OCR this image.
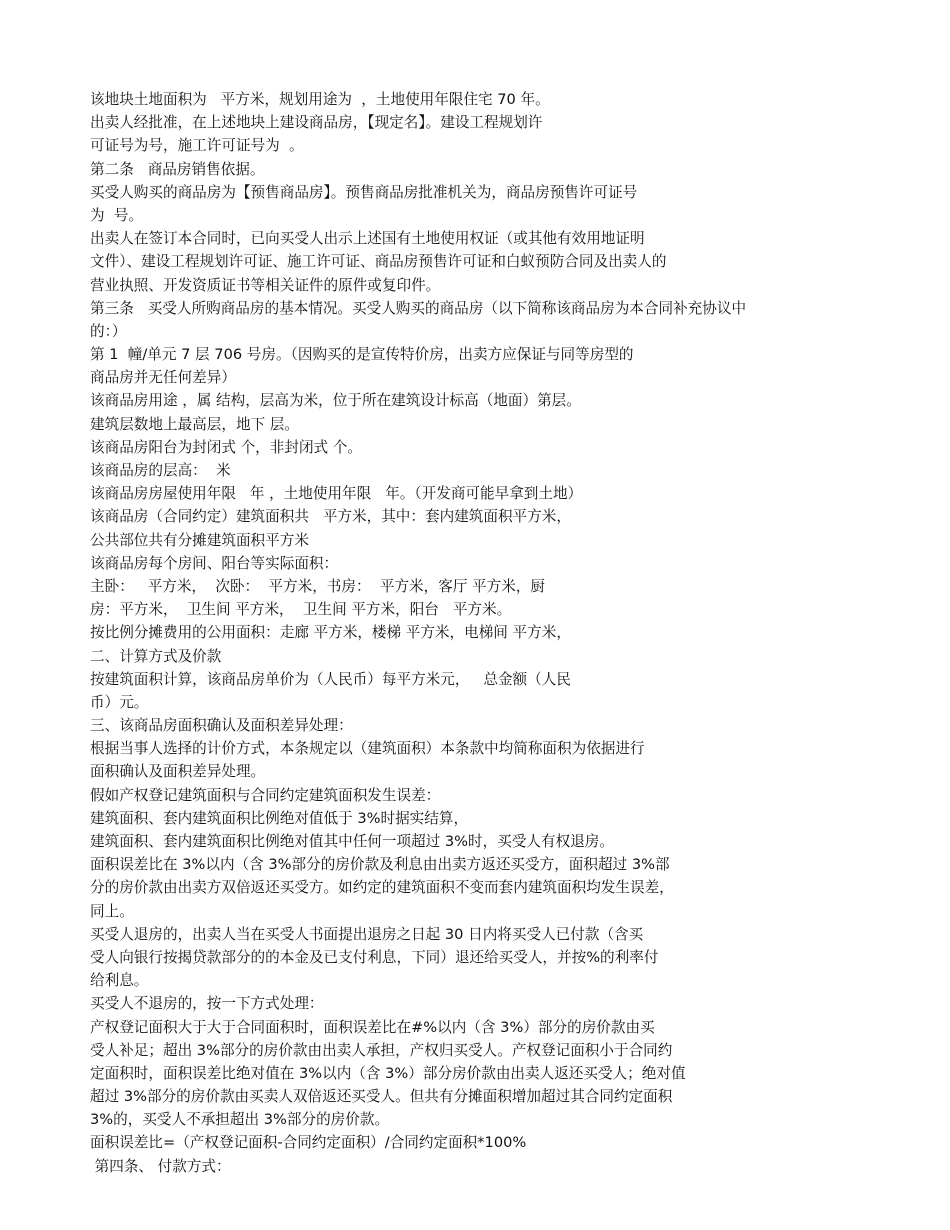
该地块土地面积为   平方米，规划用途为  ，土地使用年限住宅 70 年。
出卖人经批准，在上述地块上建设商品房，【现定名】。建设工程规划许
可证号为号，施工许可证号为  。
第二条   商品房销售依据。
买受人购买的商品房为【预售商品房】。预售商品房批准机关为，商品房预售许可证号
为  号。
出卖人在签订本合同时，已向买受人出示上述国有土地使用权证（或其他有效用地证明
文件）、建设工程规划许可证、施工许可证、商品房预售许可证和白蚁预防合同及出卖人的
营业执照、开发资质证书等相关证件的原件或复印件。
第三条   买受人所购商品房的基本情况。买受人购买的商品房（以下简称该商品房为本合同补充协议中
的：）
第 1  幢/单元 7 层 706 号房。（因购买的是宣传特价房，出卖方应保证与同等房型的
商品房并无任何差异）
该商品房用途 ，属 结构，层高为米，位于所在建筑设计标高（地面）第层。
建筑层数地上最高层，地下 层。
该商品房阳台为封闭式 个，非封闭式 个。
该商品房的层高：  米
该商品房房屋使用年限   年 ，土地使用年限   年。（开发商可能早拿到土地）
该商品房（合同约定）建筑面积共   平方米，其中：套内建筑面积平方米，
公共部位共有分摊建筑面积平方米
该商品房每个房间、阳台等实际面积：
主卧：   平方米，  次卧：  平方米，书房：  平方米，客厅 平方米，厨
房：平方米，  卫生间 平方米，  卫生间 平方米，阳台   平方米。
按比例分摊费用的公用面积：走廊 平方米，楼梯 平方米，电梯间 平方米，
二、计算方式及价款
按建筑面积计算，该商品房单价为（人民币）每平方米元，   总金额（人民
币）元。
三、该商品房面积确认及面积差异处理：
根据当事人选择的计价方式，本条规定以（建筑面积）本条款中均简称面积为依据进行
面积确认及面积差异处理。
假如产权登记建筑面积与合同约定建筑面积发生误差：
建筑面积、套内建筑面积比例绝对值低于 3%时据实结算，
建筑面积、套内建筑面积比例绝对值其中任何一项超过 3%时，买受人有权退房。
面积误差比在 3%以内（含 3%部分的房价款及利息由出卖方返还买受方，面积超过 3%部
分的房价款由出卖方双倍返还买受方。如约定的建筑面积不变而套内建筑面积均发生误差，
同上。
买受人退房的，出卖人当在买受人书面提出退房之日起 30 日内将买受人已付款（含买
受人向银行按揭贷款部分的的本金及已支付利息，下同）退还给买受人，并按%的利率付
给利息。
买受人不退房的，按一下方式处理：
产权登记面积大于大于合同面积时，面积误差比在#%以内（含 3%）部分的房价款由买
受人补足；超出 3%部分的房价款由出卖人承担，产权归买受人。产权登记面积小于合同约
定面积时，面积误差比绝对值在 3%以内（含 3%）部分房价款由出卖人返还买受人；绝对值
超过 3%部分的房价款由买卖人双倍返还买受人。但共有分摊面积增加超过其合同约定面积
3%的，买受人不承担超出 3%部分的房价款。
面积误差比=（产权登记面积-合同约定面积）/合同约定面积*100%
第四条、 付款方式：
